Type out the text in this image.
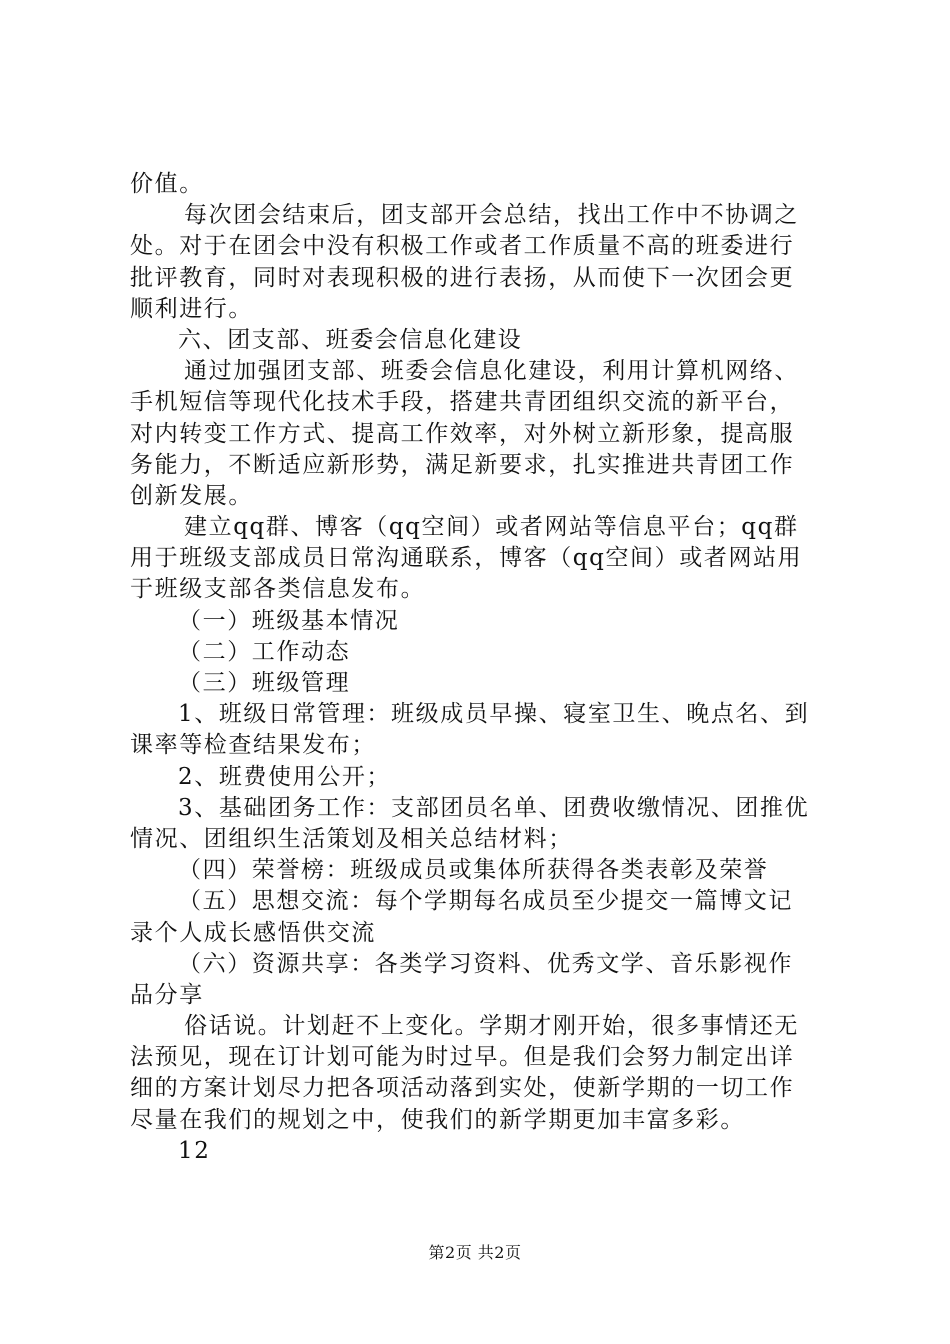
价值。
每次团会结束后，团支部开会总结，找出工作中不协调之
处。对于在团会中没有积极工作或者工作质量不高的班委进行
批评教育，同时对表现积极的进行表扬，从而使下一次团会更
顺利进行。
六、团支部、班委会信息化建设
通过加强团支部、班委会信息化建设，利用计算机网络、
手机短信等现代化技术手段，搭建共青团组织交流的新平台，
对内转变工作方式、提高工作效率，对外树立新形象，提高服
务能力，不断适应新形势，满足新要求，扎实推进共青团工作
创新发展。
建立qq群、博客（qq空间）或者网站等信息平台；qq群
用于班级支部成员日常沟通联系，博客（qq空间）或者网站用
于班级支部各类信息发布。
（一）班级基本情况
（二）工作动态
（三）班级管理
1、班级日常管理：班级成员早操、寝室卫生、晚点名、到
课率等检查结果发布；
2、班费使用公开；
3、基础团务工作：支部团员名单、团费收缴情况、团推优
情况、团组织生活策划及相关总结材料；
（四）荣誉榜：班级成员或集体所获得各类表彰及荣誉
（五）思想交流：每个学期每名成员至少提交一篇博文记
录个人成长感悟供交流
（六）资源共享：各类学习资料、优秀文学、音乐影视作
品分享
俗话说。计划赶不上变化。学期才刚开始，很多事情还无
法预见，现在订计划可能为时过早。但是我们会努力制定出详
细的方案计划尽力把各项活动落到实处，使新学期的一切工作
尽量在我们的规划之中，使我们的新学期更加丰富多彩。
12
第2页 共2页
